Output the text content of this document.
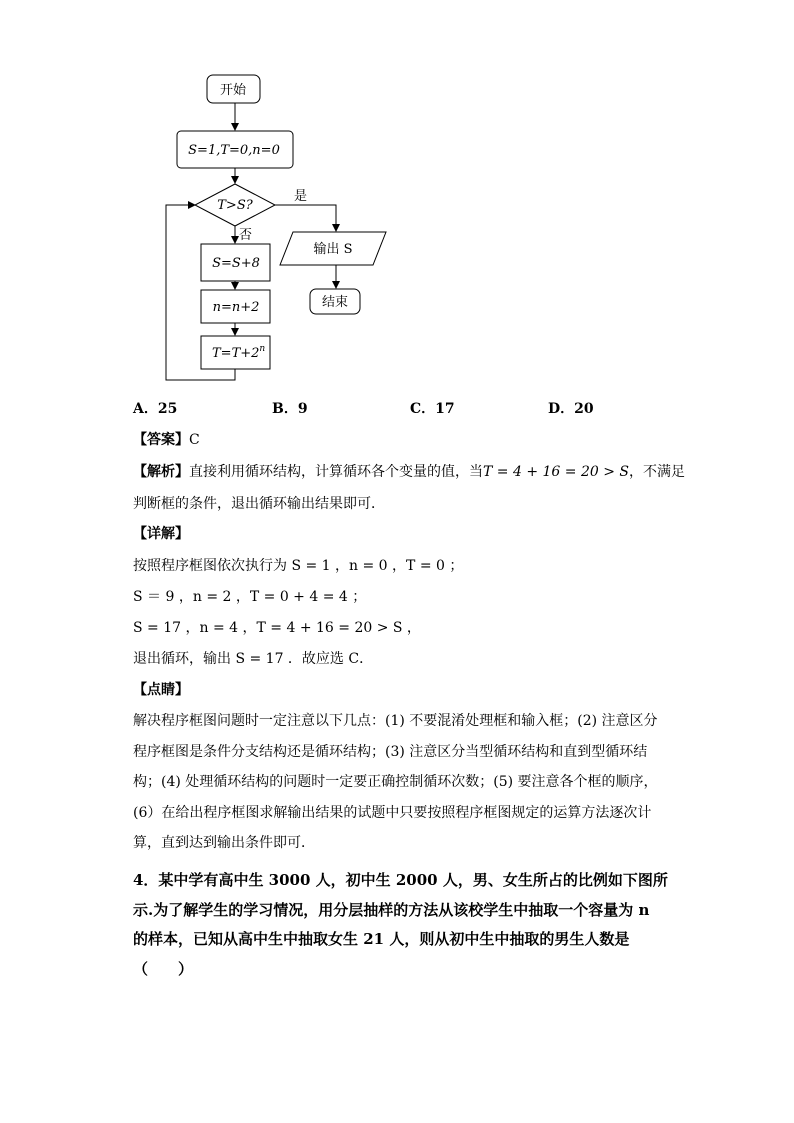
开始
S=1,T=0,n=0
T>S?
是
否
S=S+8
n=n+2
$T=T+2^n$
输出 S
结束
A．25	B．9	C．17	D．20
【答案】C
【解析】直接利用循环结构，计算循环各个变量的值，当T = 4 + 16 = 20 > S，不满足
判断框的条件，退出循环输出结果即可．
【详解】
按照程序框图依次执行为 S = 1 ，n = 0 ，T = 0 ；
S ＝ 9 ，n = 2 ，T = 0 + 4 = 4 ；
S = 17 ，n = 4 ，T = 4 + 16 = 20 > S ，
退出循环，输出 S = 17 ．故应选 C．
【点睛】
解决程序框图问题时一定注意以下几点：(1) 不要混淆处理框和输入框；(2) 注意区分程序框图是条件分支结构还是循环结构；(3) 注意区分当型循环结构和直到型循环结构；(4) 处理循环结构的问题时一定要正确控制循环次数；(5) 要注意各个框的顺序，(6）在给出程序框图求解输出结果的试题中只要按照程序框图规定的运算方法逐次计算，直到达到输出条件即可．
4．某中学有高中生 3000 人，初中生 2000 人，男、女生所占的比例如下图所示.为了解学生的学习情况，用分层抽样的方法从该校学生中抽取一个容量为 n 的样本，已知从高中生中抽取女生 21 人，则从初中生中抽取的男生人数是（　　）
